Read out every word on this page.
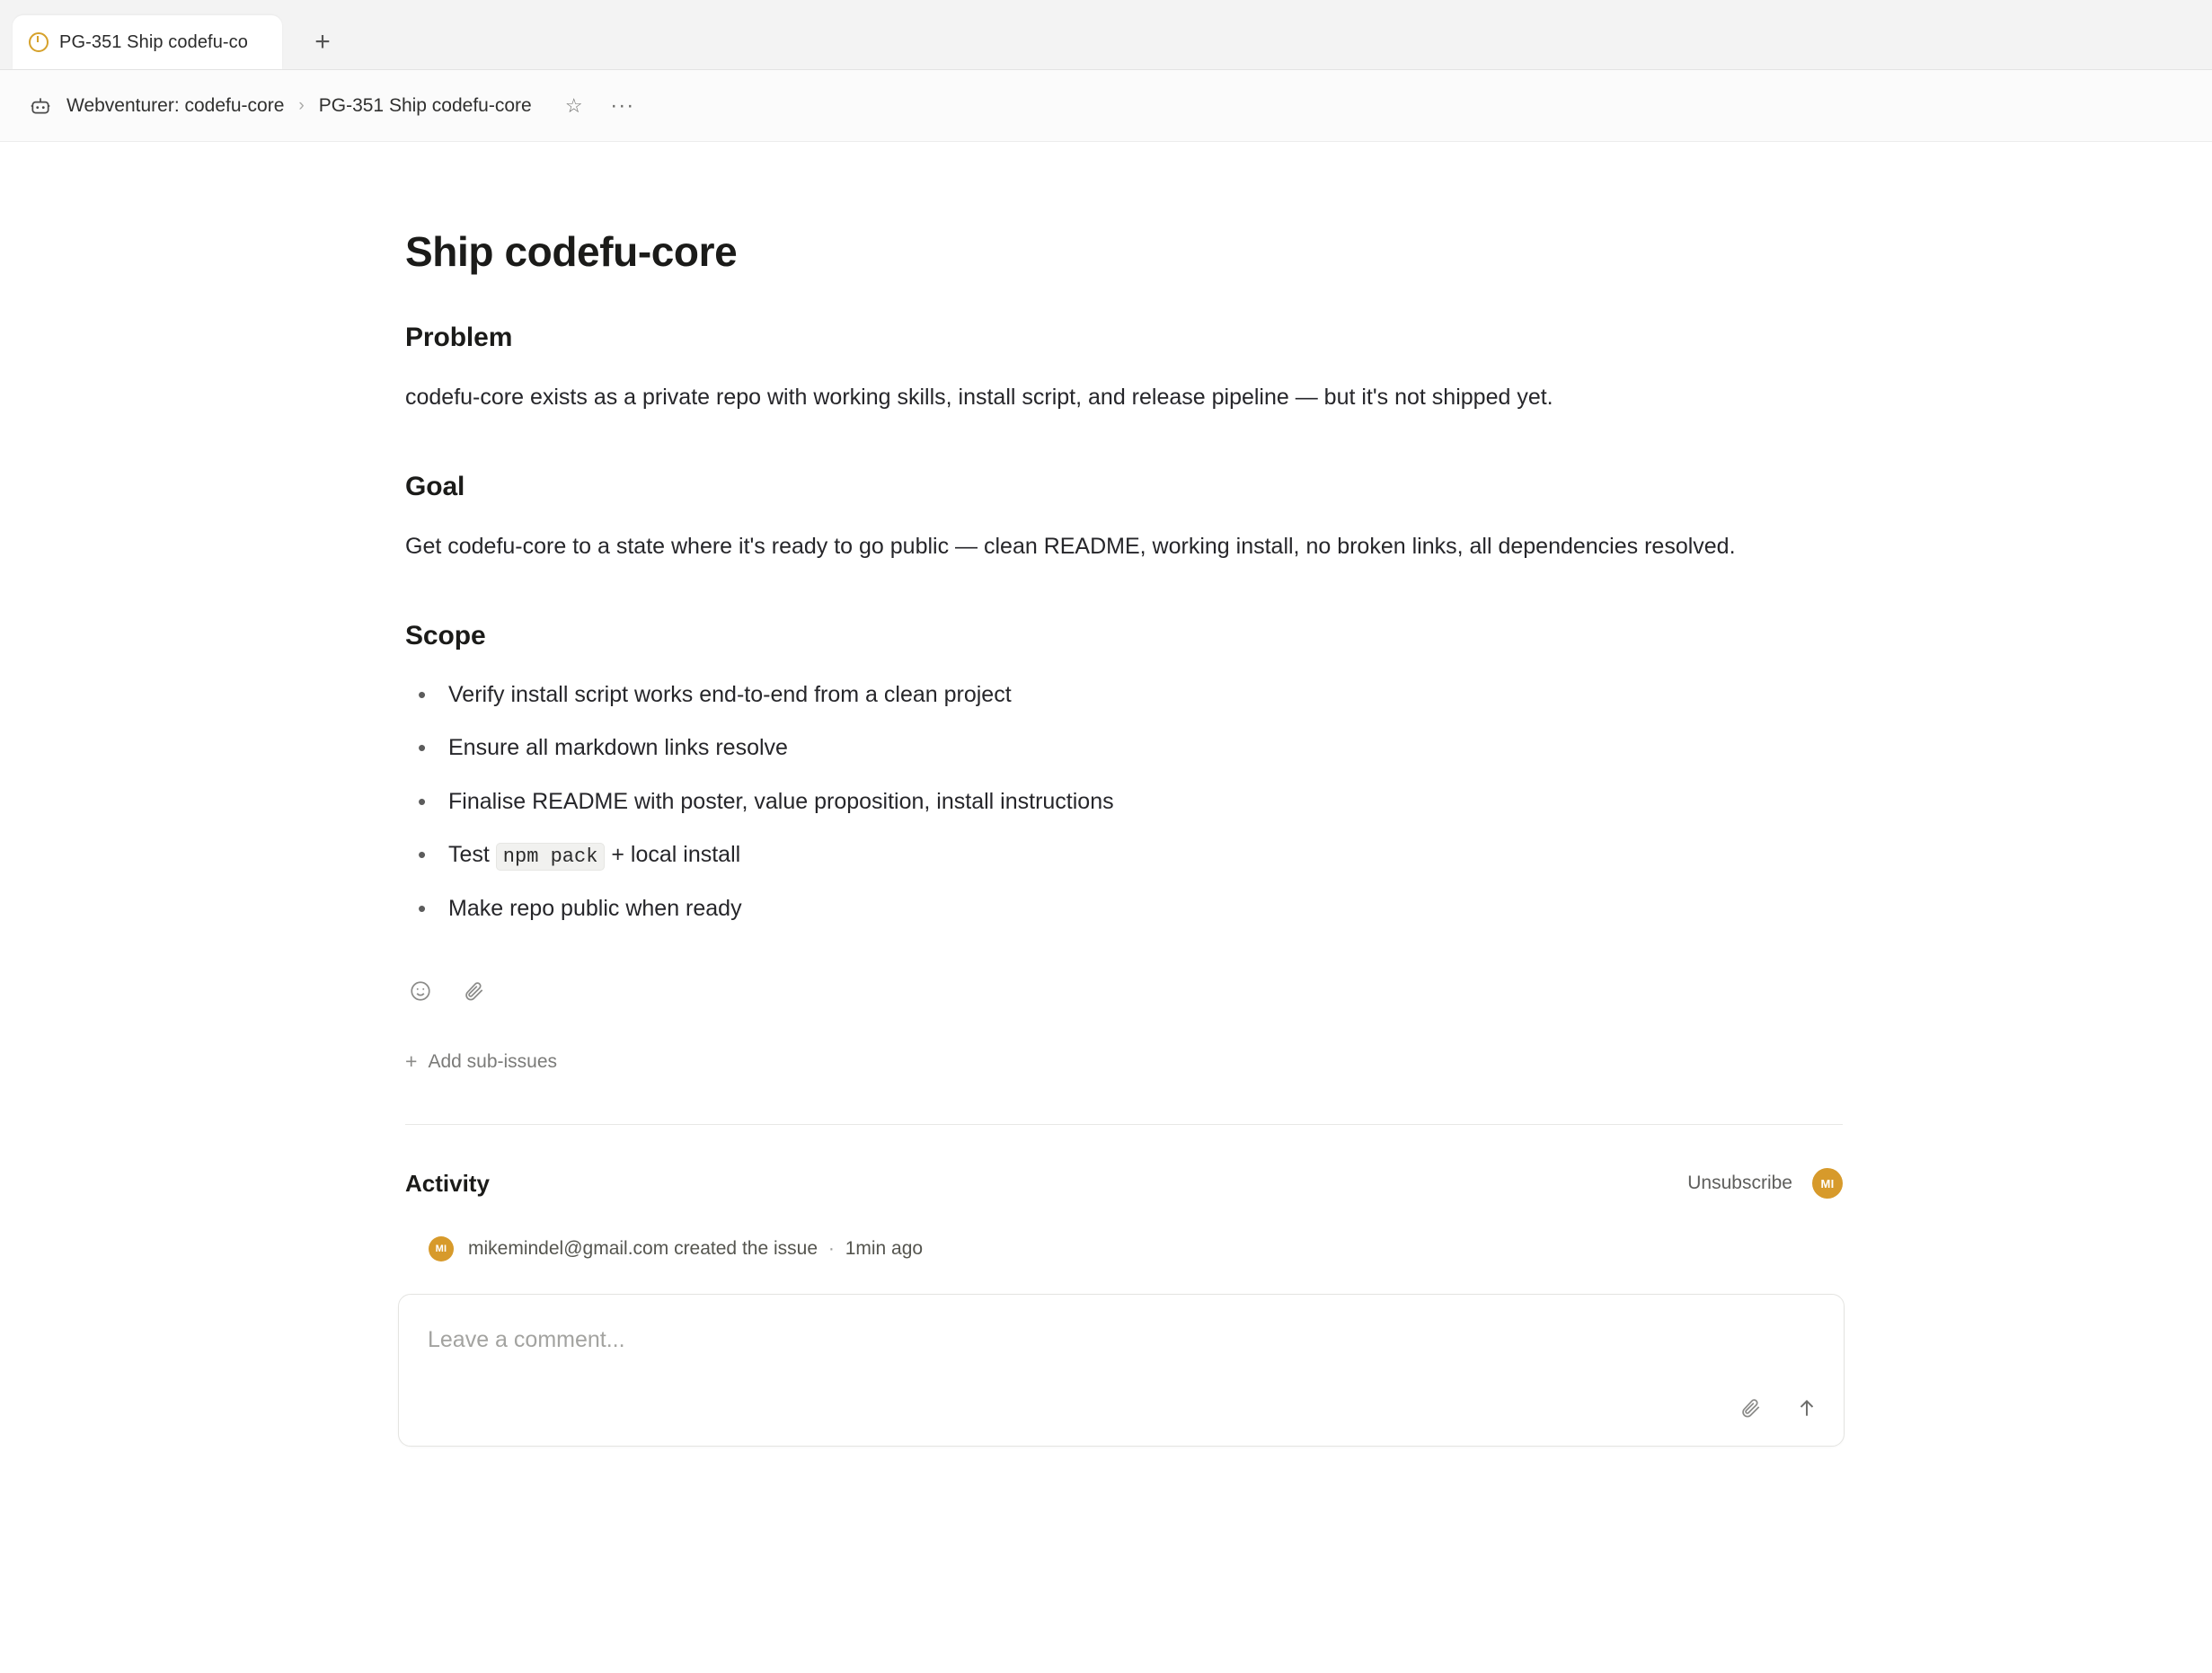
PG-351 Ship codefu-co	+
Webventurer: codefu-core › PG-351 Ship codefu-core	☆ ···
Ship codefu-core
Problem

codefu-core exists as a private repo with working skills, install script, and release pipeline — but it's not shipped yet.

Goal

Get codefu-core to a state where it's ready to go public — clean README, working install, no broken links, all dependencies resolved.

Scope
• Verify install script works end-to-end from a clean project
• Ensure all markdown links resolve
• Finalise README with poster, value proposition, install instructions
• Test npm pack + local install
• Make repo public when ready
+ Add sub-issues
Activity	Unsubscribe	MI
MI	mikemindel@gmail.com created the issue · 1min ago
Leave a comment...
